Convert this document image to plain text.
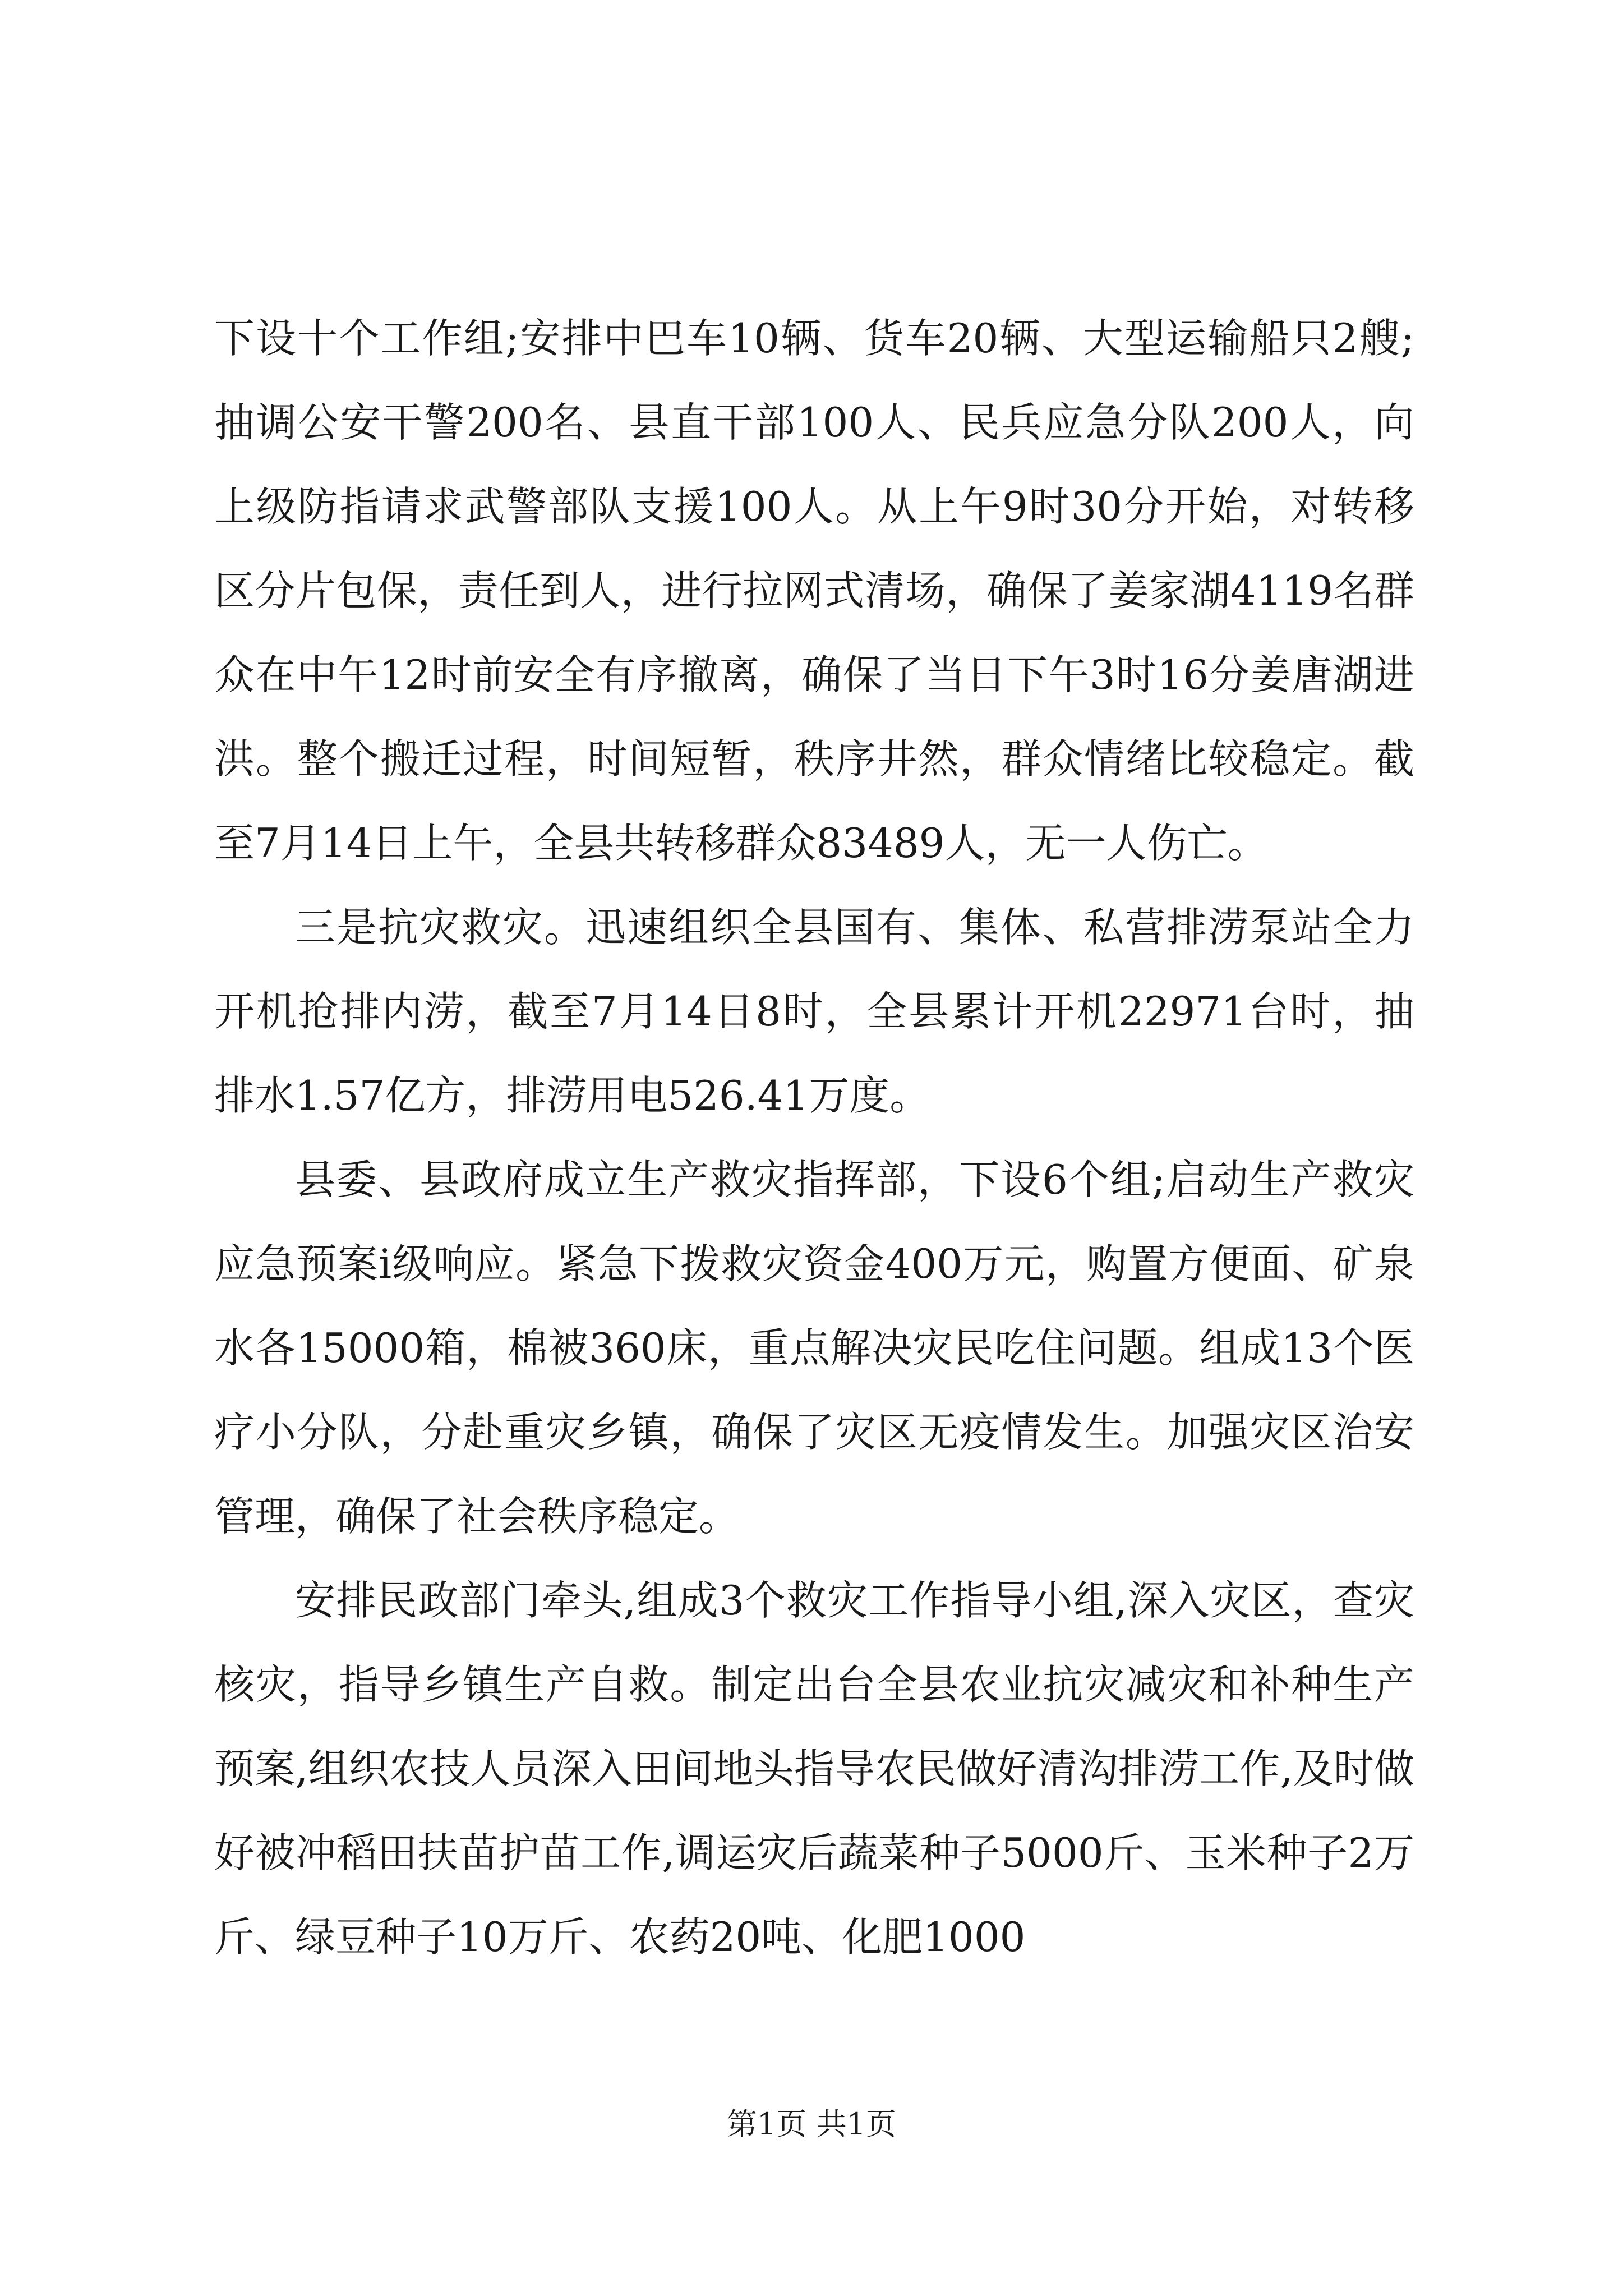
下设十个工作组;安排中巴车10辆、货车20辆、大型运输船只2艘;抽调公安干警200名、县直干部100人、民兵应急分队200人，向上级防指请求武警部队支援100人。从上午9时30分开始，对转移区分片包保，责任到人，进行拉网式清场，确保了姜家湖4119名群众在中午12时前安全有序撤离，确保了当日下午3时16分姜唐湖进洪。整个搬迁过程，时间短暂，秩序井然，群众情绪比较稳定。截至7月14日上午，全县共转移群众83489人，无一人伤亡。

三是抗灾救灾。迅速组织全县国有、集体、私营排涝泵站全力开机抢排内涝，截至7月14日8时，全县累计开机22971台时，抽排水1.57亿方，排涝用电526.41万度。

县委、县政府成立生产救灾指挥部，下设6个组;启动生产救灾应急预案i级响应。紧急下拨救灾资金400万元，购置方便面、矿泉水各15000箱，棉被360床，重点解决灾民吃住问题。组成13个医疗小分队，分赴重灾乡镇，确保了灾区无疫情发生。加强灾区治安管理，确保了社会秩序稳定。

安排民政部门牵头,组成3个救灾工作指导小组,深入灾区，查灾核灾，指导乡镇生产自救。制定出台全县农业抗灾减灾和补种生产预案,组织农技人员深入田间地头指导农民做好清沟排涝工作,及时做好被冲稻田扶苗护苗工作,调运灾后蔬菜种子5000斤、玉米种子2万斤、绿豆种子10万斤、农药20吨、化肥1000

第1页 共1页
